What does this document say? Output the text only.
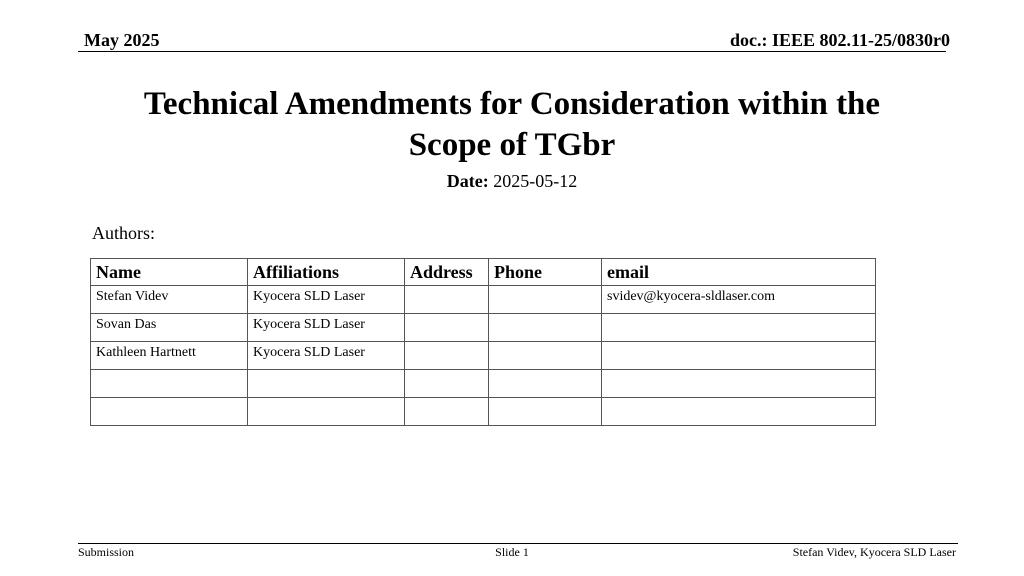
May 2025	doc.: IEEE 802.11-25/0830r0
Technical Amendments for Consideration within the
Scope of TGbr
Date: 2025-05-12
Authors:
Name	Affiliations	Address	Phone	email
Stefan Videv	Kyocera SLD Laser			svidev@kyocera-sldlaser.com
Sovan Das	Kyocera SLD Laser			
Kathleen Hartnett	Kyocera SLD Laser			

Submission	Slide 1	Stefan Videv, Kyocera SLD Laser
